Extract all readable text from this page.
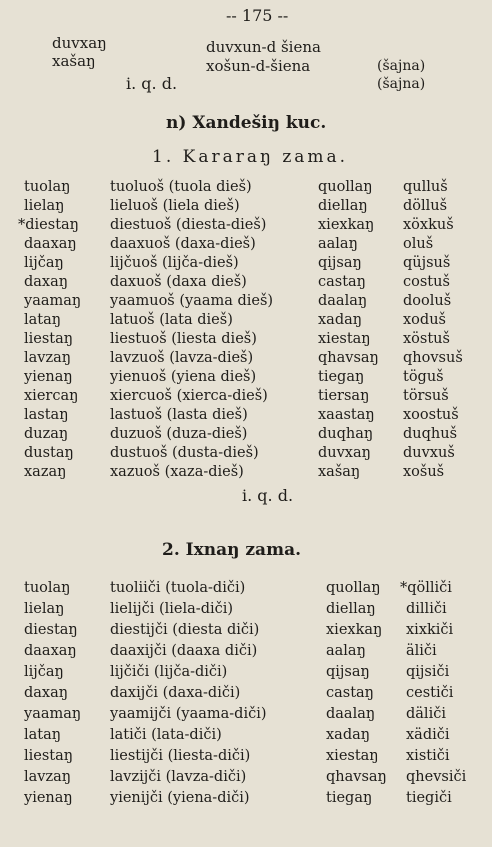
-- 175 --
duvxaŋ
xašaŋ
duvxun-d šiena
xošun-d-šiena	(šajna)
(šajna)
i. q. d.
n) Xandešiŋ kuc.
1. Kararaŋ zama.
tuolaŋ	tuoluoš (tuola dieš)	quollaŋ qulluš
lielaŋ	lieluoš (liela dieš)	diellaŋ dölluš
*diestaŋ diestuoš (diesta-dieš)	xiexkaŋ xöxkuš
daaxaŋ daaxuoš (daxa-dieš)	aalaŋ	oluš
lijčaŋ	lijčuoš (lijča-dieš)	qijsaŋ	qüjsuš
daxaŋ	daxuoš (daxa dieš)	castaŋ	costuš
yaamaŋ yaamuoš (yaama dieš)	daalaŋ dooluš
lataŋ	latuoš (lata dieš)	xadaŋ	xoduš
liestaŋ	liestuoš (liesta dieš)	xiestaŋ xöstuš
lavzaŋ	lavzuoš (lavza-dieš)	qhavsaŋ qhovsuš
yienaŋ	yienuoš (yiena dieš)	tiegaŋ	töguš
xiercaŋ xiercuoš (xierca-dieš)	tiersaŋ törsuš
lastaŋ	lastuoš (lasta dieš)	xaastaŋ xoostuš
duzaŋ	duzuoš (duza-dieš)	duqhaŋ duqhuš
dustaŋ dustuoš (dusta-dieš)	duvxaŋ duvxuš
xazaŋ	xazuoš (xaza-dieš)	xašaŋ	xošuš
i. q. d.
2. Ixnaŋ zama.
tuolaŋ	tuoliiči (tuola-diči)	quollaŋ *qölliči
lielaŋ	lielijči (liela-diči)	diellaŋ dilliči
diestaŋ diestijči (diesta diči)	xiexkaŋ xixkiči
daaxaŋ daaxijči (daaxa diči)	aalaŋ	äliči
lijčaŋ	lijčiči (lijča-diči)	qijsaŋ qijsiči
daxaŋ	daxijči (daxa-diči)	castaŋ cestiči
yaamaŋ yaamijči (yaama-diči)	daalaŋ däliči
lataŋ	latiči (lata-diči)	xadaŋ xädiči
liestaŋ	liestijči (liesta-diči)	xiestaŋ xističi
lavzaŋ	lavzijči (lavza-diči)	qhavsaŋ qhevsiči
yienaŋ	yienijči (yiena-diči)	tiegaŋ tiegiči
